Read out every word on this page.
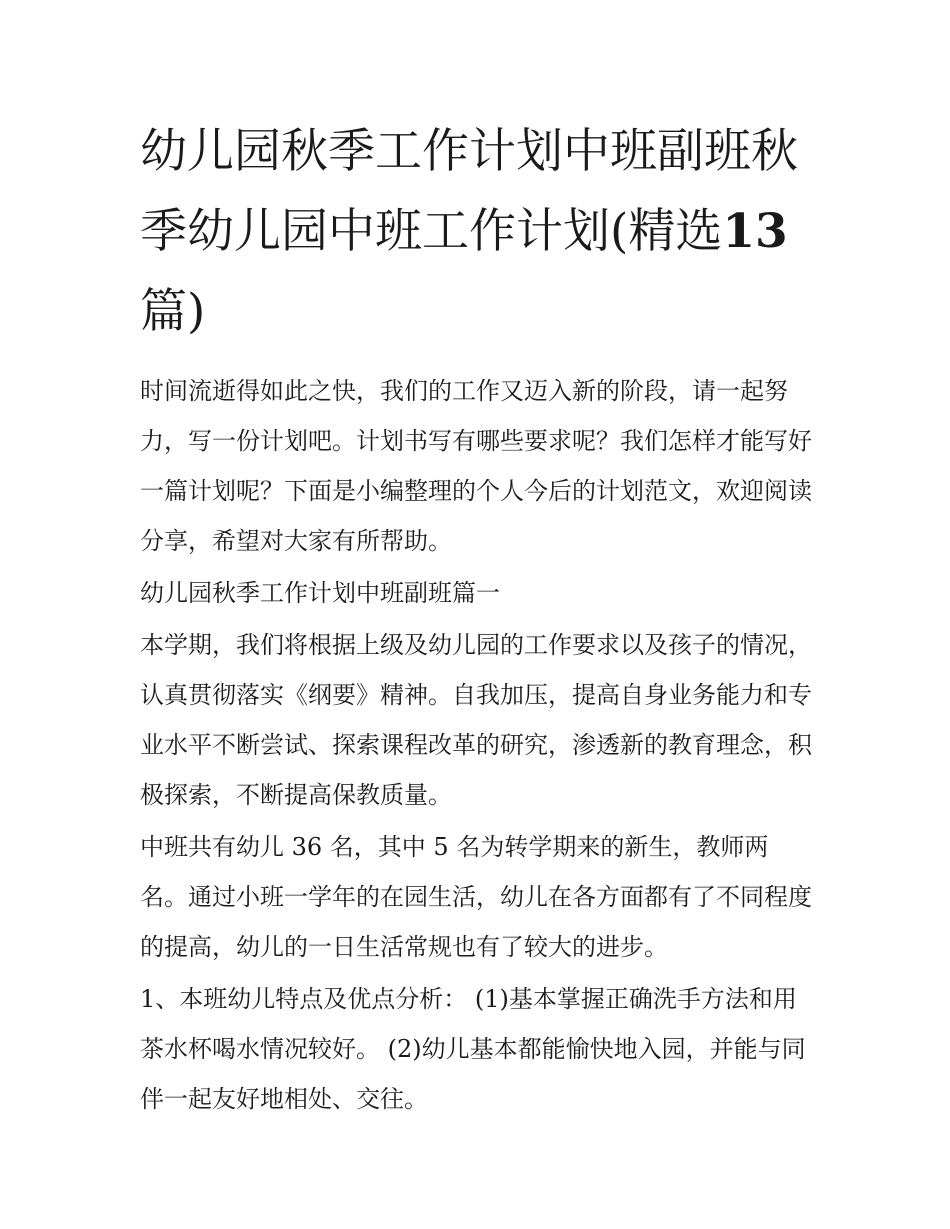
幼儿园秋季工作计划中班副班秋季幼儿园中班工作计划(精选13 篇)

时间流逝得如此之快，我们的工作又迈入新的阶段，请一起努力，写一份计划吧。计划书写有哪些要求呢？我们怎样才能写好一篇计划呢？下面是小编整理的个人今后的计划范文，欢迎阅读分享，希望对大家有所帮助。

幼儿园秋季工作计划中班副班篇一

本学期，我们将根据上级及幼儿园的工作要求以及孩子的情况，认真贯彻落实《纲要》精神。自我加压，提高自身业务能力和专业水平不断尝试、探索课程改革的研究，渗透新的教育理念，积极探索，不断提高保教质量。

中班共有幼儿 36 名，其中 5 名为转学期来的新生，教师两名。通过小班一学年的在园生活，幼儿在各方面都有了不同程度的提高，幼儿的一日生活常规也有了较大的进步。

1、本班幼儿特点及优点分析： (1)基本掌握正确洗手方法和用茶水杯喝水情况较好。 (2)幼儿基本都能愉快地入园，并能与同伴一起友好地相处、交往。
